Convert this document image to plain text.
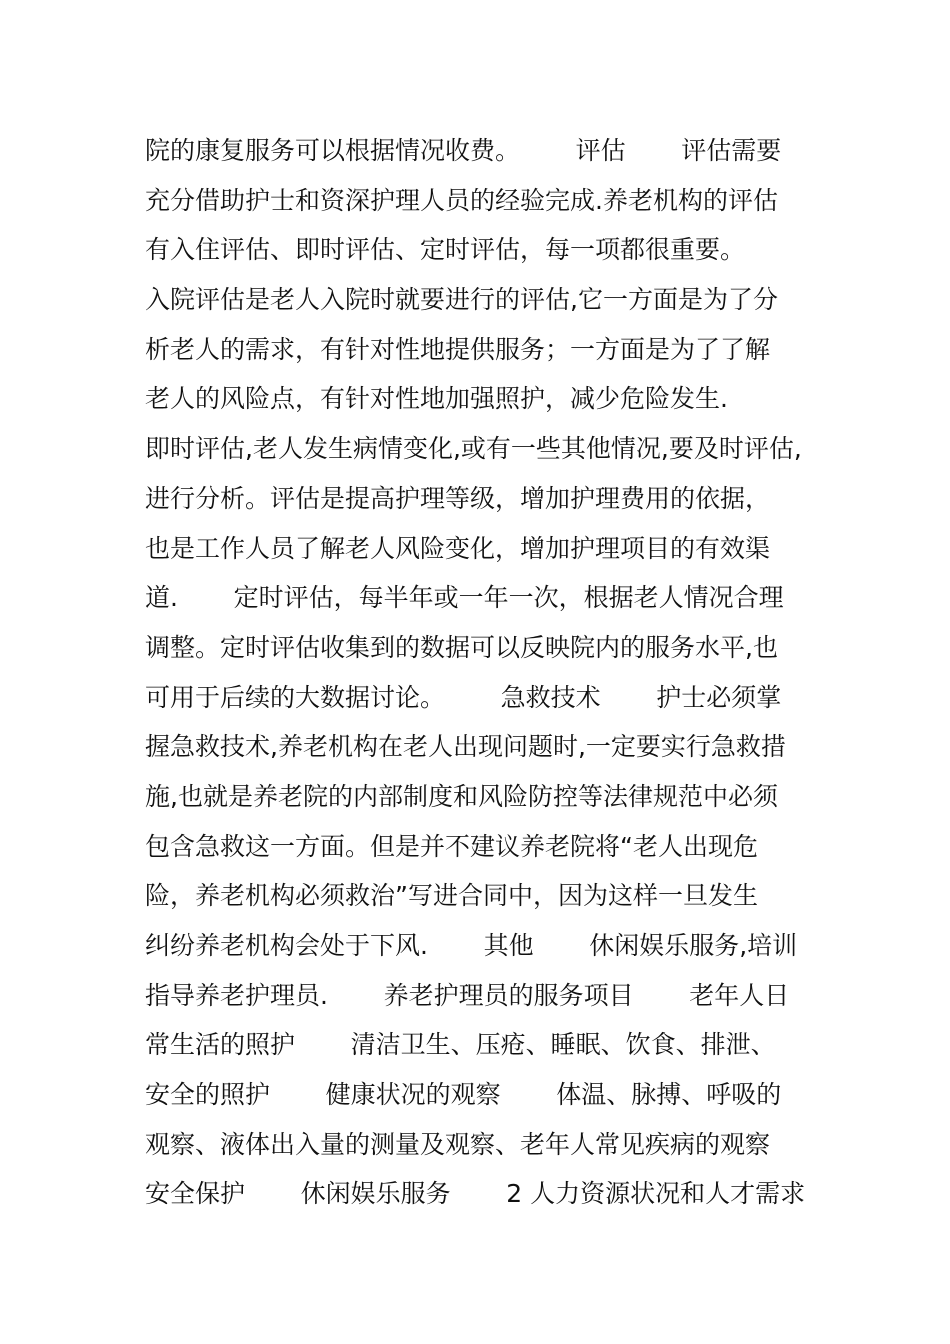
院的康复服务可以根据情况收费。       评估       评估需要
充分借助护士和资深护理人员的经验完成.养老机构的评估
有入住评估、即时评估、定时评估，每一项都很重要。
入院评估是老人入院时就要进行的评估,它一方面是为了分
析老人的需求，有针对性地提供服务；一方面是为了了解
老人的风险点，有针对性地加强照护，减少危险发生.
即时评估,老人发生病情变化,或有一些其他情况,要及时评估,
进行分析。评估是提高护理等级，增加护理费用的依据，
也是工作人员了解老人风险变化，增加护理项目的有效渠
道.       定时评估，每半年或一年一次，根据老人情况合理
调整。定时评估收集到的数据可以反映院内的服务水平,也
可用于后续的大数据讨论。       急救技术       护士必须掌
握急救技术,养老机构在老人出现问题时,一定要实行急救措
施,也就是养老院的内部制度和风险防控等法律规范中必须
包含急救这一方面。但是并不建议养老院将“老人出现危
险，养老机构必须救治”写进合同中，因为这样一旦发生
纠纷养老机构会处于下风.       其他       休闲娱乐服务,培训
指导养老护理员.       养老护理员的服务项目       老年人日
常生活的照护       清洁卫生、压疮、睡眠、饮食、排泄、
安全的照护       健康状况的观察       体温、脉搏、呼吸的
观察、液体出入量的测量及观察、老年人常见疾病的观察
安全保护       休闲娱乐服务       2 人力资源状况和人才需求
